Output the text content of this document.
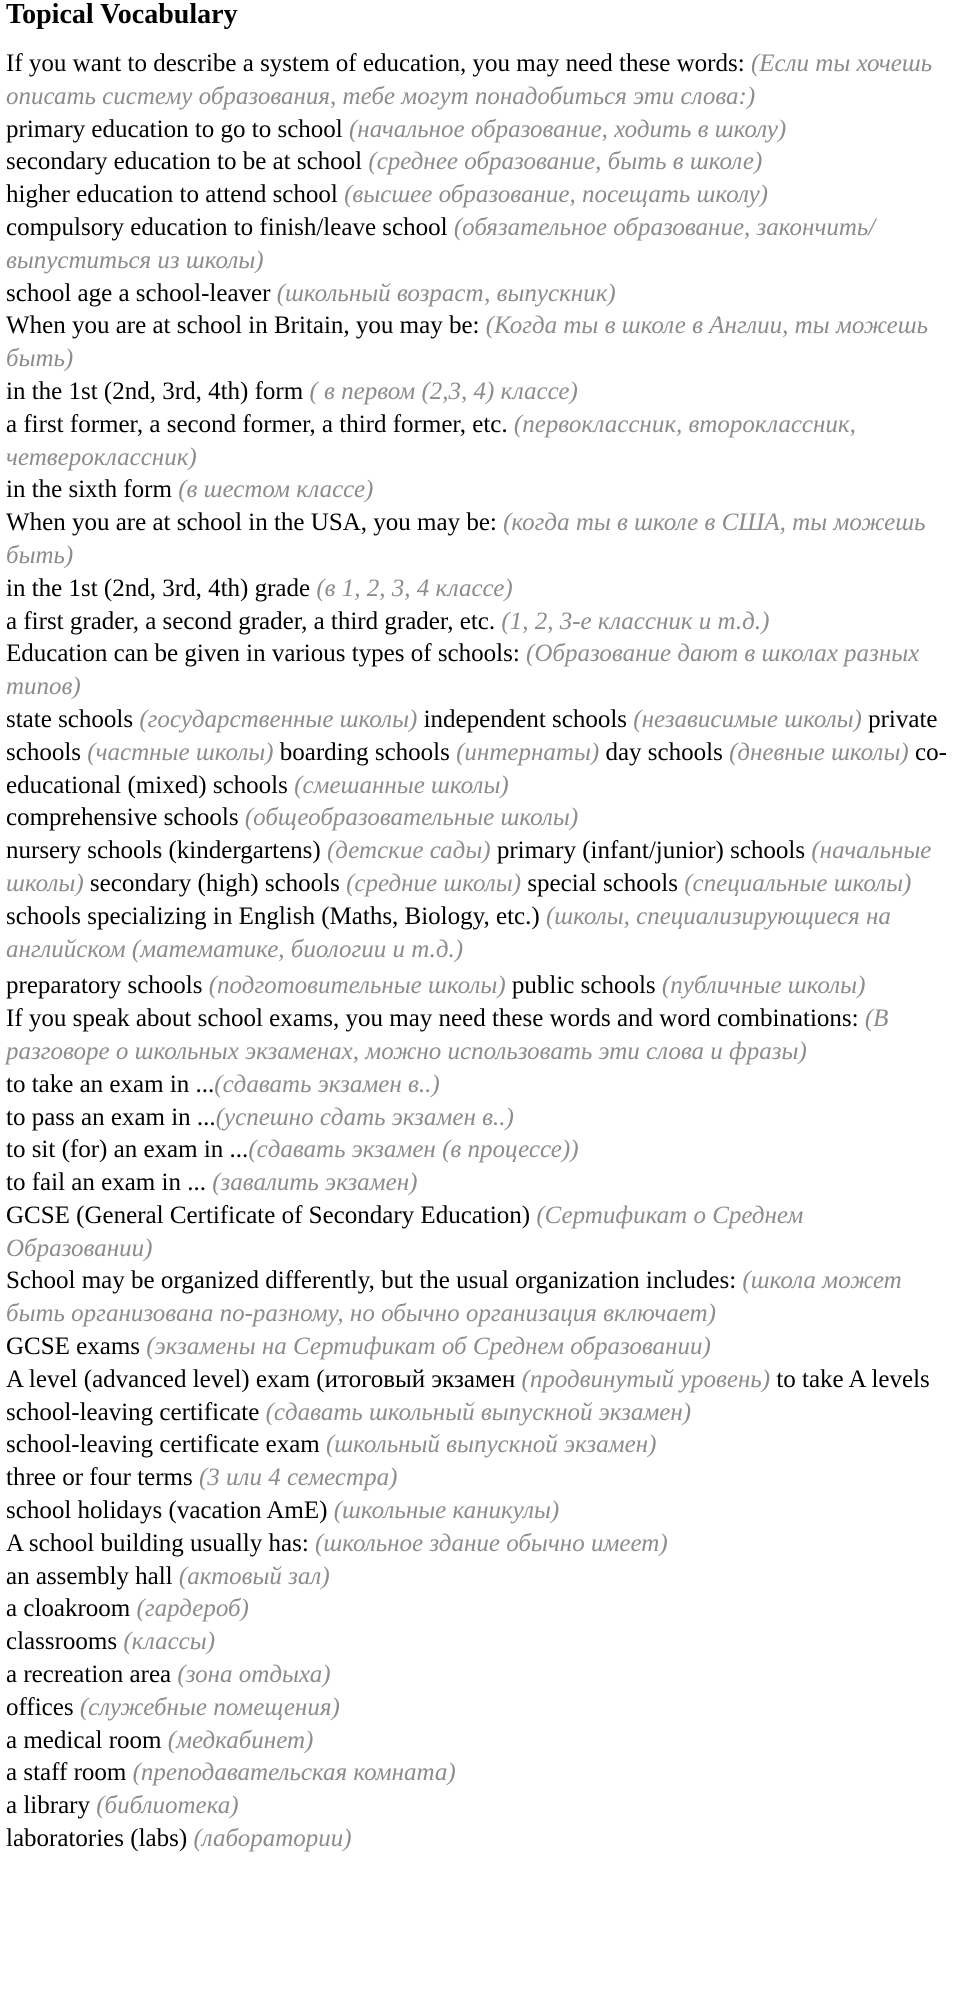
Topical Vocabulary

If you want to describe a system of education, you may need these words: (Если ты хочешь описать систему образования, тебе могут понадобиться эти слова:)

primary education to go to school (начальное образование, ходить в школу)

secondary education to be at school (среднее образование, быть в школе)

higher education to attend school (высшее образование, посещать школу)

compulsory education to finish/leave school (обязательное образование, закончить/выпуститься из школы)

school age a school-leaver (школьный возраст, выпускник)

When you are at school in Britain, you may be: (Когда ты в школе в Англии, ты можешь быть)

in the 1st (2nd, 3rd, 4th) form ( в первом (2,3, 4) классе)

a first former, a second former, a third former, etc. (первоклассник, второклассник, четвероклассник)

in the sixth form (в шестом классе)

When you are at school in the USA, you may be: (когда ты в школе в США, ты можешь быть)

in the 1st (2nd, 3rd, 4th) grade (в 1, 2, 3, 4 классе)

a first grader, a second grader, a third grader, etc. (1, 2, 3-е классник и т.д.)

Education can be given in various types of schools: (Образование дают в школах разных типов)

state schools (государственные школы) independent schools (независимые школы) private schools (частные школы) boarding schools (интернаты) day schools (дневные школы) co-educational (mixed) schools (смешанные школы)

comprehensive schools (общеобразовательные школы)

nursery schools (kindergartens) (детские сады) primary (infant/junior) schools (начальные школы) secondary (high) schools (средние школы) special schools (специальные школы)

schools specializing in English (Maths, Biology, etc.) (школы, специализирующиеся на английском (математике, биологии и т.д.)

preparatory schools (подготовительные школы) public schools (публичные школы)

If you speak about school exams, you may need these words and word combinations: (В разговоре о школьных экзаменах, можно использовать эти слова и фразы)

to take an exam in ...(сдавать экзамен в..)

to pass an exam in ...(успешно сдать экзамен в..)

to sit (for) an exam in ...(сдавать экзамен (в процессе))

to fail an exam in ... (завалить экзамен)

GCSE (General Certificate of Secondary Education) (Сертификат о Среднем Образовании)

School may be organized differently, but the usual organization includes: (школа может быть организована по-разному, но обычно организация включает)

GCSE exams (экзамены на Сертификат об Среднем образовании)

A level (advanced level) exam (итоговый экзамен (продвинутый уровень) to take A levels school-leaving certificate (сдавать школьный выпускной экзамен)

school-leaving certificate exam (школьный выпускной экзамен)

three or four terms (3 или 4 семестра)

school holidays (vacation AmE) (школьные каникулы)

A school building usually has: (школьное здание обычно имеет)

an assembly hall (актовый зал)

a cloakroom (гардероб)

classrooms (классы)

a recreation area (зона отдыха)

offices (служебные помещения)

a medical room (медкабинет)

a staff room (преподавательская комната)

a library (библиотека)

laboratories (labs) (лаборатории)
